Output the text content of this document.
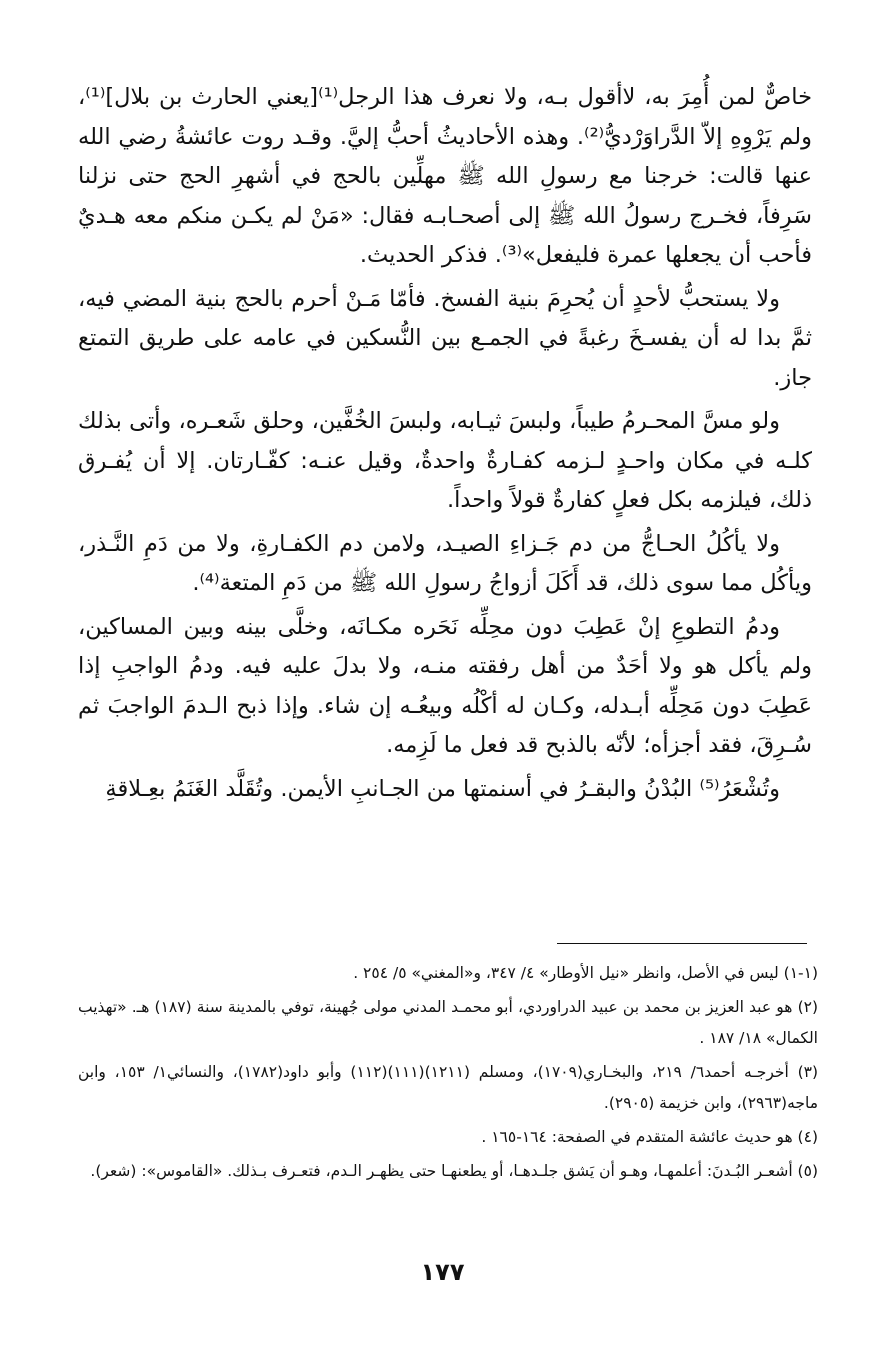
خاصٌّ لمن أُمِرَ به، لاأقول بـه، ولا نعرف هذا الرجل⁽¹⁾[يعني الحارث بن بلال]⁽¹⁾، ولم يَرْوِهِ إلاّ الدَّراوَرْديُّ⁽²⁾. وهذه الأحاديثُ أحبُّ إليَّ. وقـد روت عائشةُ رضي الله عنها قالت: خرجنا مع رسولِ الله ﷺ مهلِّين بالحج في أشهرِ الحج حتى نزلنا سَرِفاً، فخـرج رسولُ الله ﷺ إلى أصحـابـه فقال: «مَنْ لم يكـن منكم معه هـديٌ فأحب أن يجعلها عمرة فليفعل»⁽³⁾. فذكر الحديث.

ولا يستحبُّ لأحدٍ أن يُحرِمَ بنية الفسخ. فأمّا مَـنْ أحرم بالحج بنية المضي فيه، ثمَّ بدا له أن يفسـخَ رغبةً في الجمـع بين النُّسكين في عامه على طريق التمتع جاز.

ولو مسَّ المحـرمُ طيباً، ولبسَ ثيـابه، ولبسَ الخُفَّين، وحلق شَعـره، وأتى بذلك كلـه في مكان واحـدٍ لـزمه كفـارةٌ واحدةٌ، وقيل عنـه: كفّـارتان. إلا أن يُفـرق ذلك، فيلزمه بكل فعلٍ كفارةٌ قولاً واحداً.

ولا يأكُلُ الحـاجُّ من دم جَـزاءِ الصيـد، ولامن دم الكفـارةِ، ولا من دَمِ النَّـذر، ويأكُل مما سوى ذلك، قد أَكَلَ أزواجُ رسولِ الله ﷺ من دَمِ المتعة⁽⁴⁾.

ودمُ التطوعِ إنْ عَطِبَ دون محِلِّه نَحَره مكـانَه، وخلَّى بينه وبين المساكين، ولم يأكل هو ولا أحَدٌ من أهل رفقته منـه، ولا بدلَ عليه فيه. ودمُ الواجبِ إذا عَطِبَ دون مَحِلِّه أبـدله، وكـان له أكْلُه وبيعُـه إن شاء. وإذا ذبح الـدمَ الواجبَ ثم سُـرِقَ، فقد أجزأه؛ لأنّه بالذبح قد فعل ما لَزِمه.

وتُشْعَرُ⁽⁵⁾ البُدْنُ والبقـرُ في أسنمتها من الجـانبِ الأيمن. وتُقَلَّد الغَنَمُ بعِـلاقةِ

(١-١) ليس في الأصل، وانظر «نيل الأوطار» ٤/ ٣٤٧، و«المغني» ٥/ ٢٥٤ .

(٢) هو عبد العزيز بن محمد بن عبيد الدراوردي، أبو محمـد المدني مولى جُهينة، توفي بالمدينة سنة (١٨٧) هـ. «تهذيب الكمال» ١٨/ ١٨٧ .

(٣) أخرجـه أحمد٦/ ٢١٩، والبخـاري(١٧٠٩)، ومسلم (١٢١١)(١١١)(١١٢) وأبو داود(١٧٨٢)، والنسائي١/ ١٥٣، وابن ماجه(٢٩٦٣)، وابن خزيمة (٢٩٠٥).

(٤) هو حديث عائشة المتقدم في الصفحة: ١٦٤-١٦٥ .

(٥) أشعـر البُـدنَ: أعلمهـا، وهـو أن يَشق جلـدهـا، أو يطعنهـا حتى يظهـر الـدم، فتعـرف بـذلك. «القاموس»: (شعر).

١٧٧
